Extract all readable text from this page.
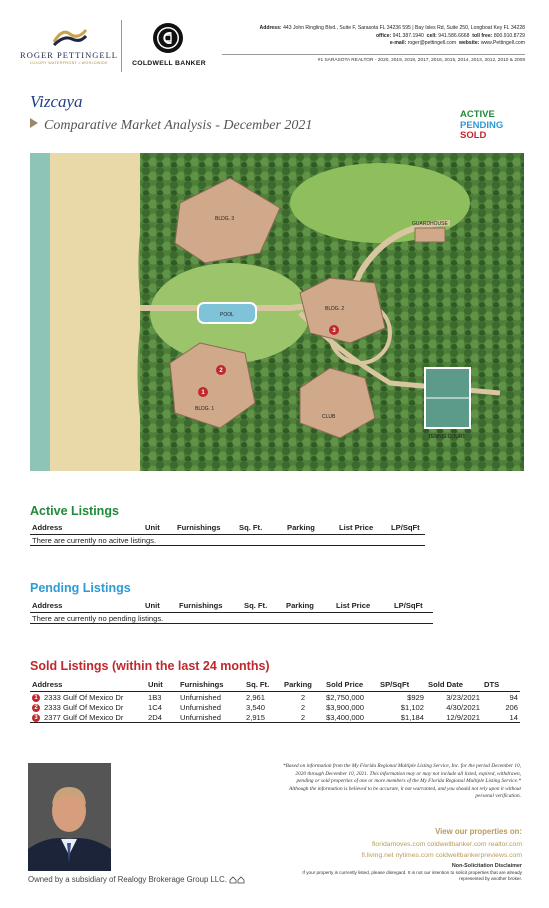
ROGER PETTINGELL
LUXURY WATERFRONT • WORLDWIDE	COLDWELL BANKER
Address: 443 John Ringling Blvd., Suite F, Sarasota FL 34236 595 | Bay Isles Rd, Suite 250, Longboat Key FL 34228
office: 941.387.1940 cell: 941.586.6668 toll free: 800.910.8729
e-mail: roger@pettingell.com website: www.Pettingell.com
#1 SARASOTA REALTOR - 2020, 2019, 2018, 2017, 2016, 2015, 2014, 2013, 2012, 2010 & 2008
Vizcaya
Comparative Market Analysis - December 2021
ACTIVE
PENDING
SOLD
BLDG. 3
BLDG. 2
BLDG. 1
CLUB
TENNIS COURT
POOL
GUARDHOUSE
1
2
3
Active Listings
Address	Unit	Furnishings	Sq. Ft.	Parking	List Price	LP/SqFt
There are currently no acitve listings.
Pending Listings
Address	Unit	Furnishings	Sq. Ft.	Parking	List Price	LP/SqFt
There are currently no pending listings.
Sold Listings (within the last 24 months)
Address	Unit	Furnishings	Sq. Ft.	Parking	Sold Price	SP/SqFt	Sold Date	DTS
1 2333 Gulf Of Mexico Dr	1B3	Unfurnished	2,961	2	$2,750,000	$929	3/23/2021	94
2 2333 Gulf Of Mexico Dr	1C4	Unfurnished	3,540	2	$3,900,000	$1,102	4/30/2021	206
3 2377 Gulf Of Mexico Dr	2D4	Unfurnished	2,915	2	$3,400,000	$1,184	12/9/2021	14
Owned by a subsidiary of Realogy Brokerage Group LLC.
*Based on information from the My Florida Regional Multiple Listing Service, Inc. for the period December 10, 2020 through December 10, 2021. This information may or may not include all listed, expired, withdrawn, pending or sold properties of one or more members of the My Florida Regional Multiple Listing Service.* Although the information is believed to be accurate, it not warranted, and you should not rely upon it without personal verification.
View our properties on:
floridamoves.com coldwellbanker.com realtor.com
fl.living.net nytimes.com coldwellbankerpreviews.com
Non-Solicitation Disclaimer
If your property is currently listed, please disregard. It is not our intention to solicit properties that are already represented by another broker.
